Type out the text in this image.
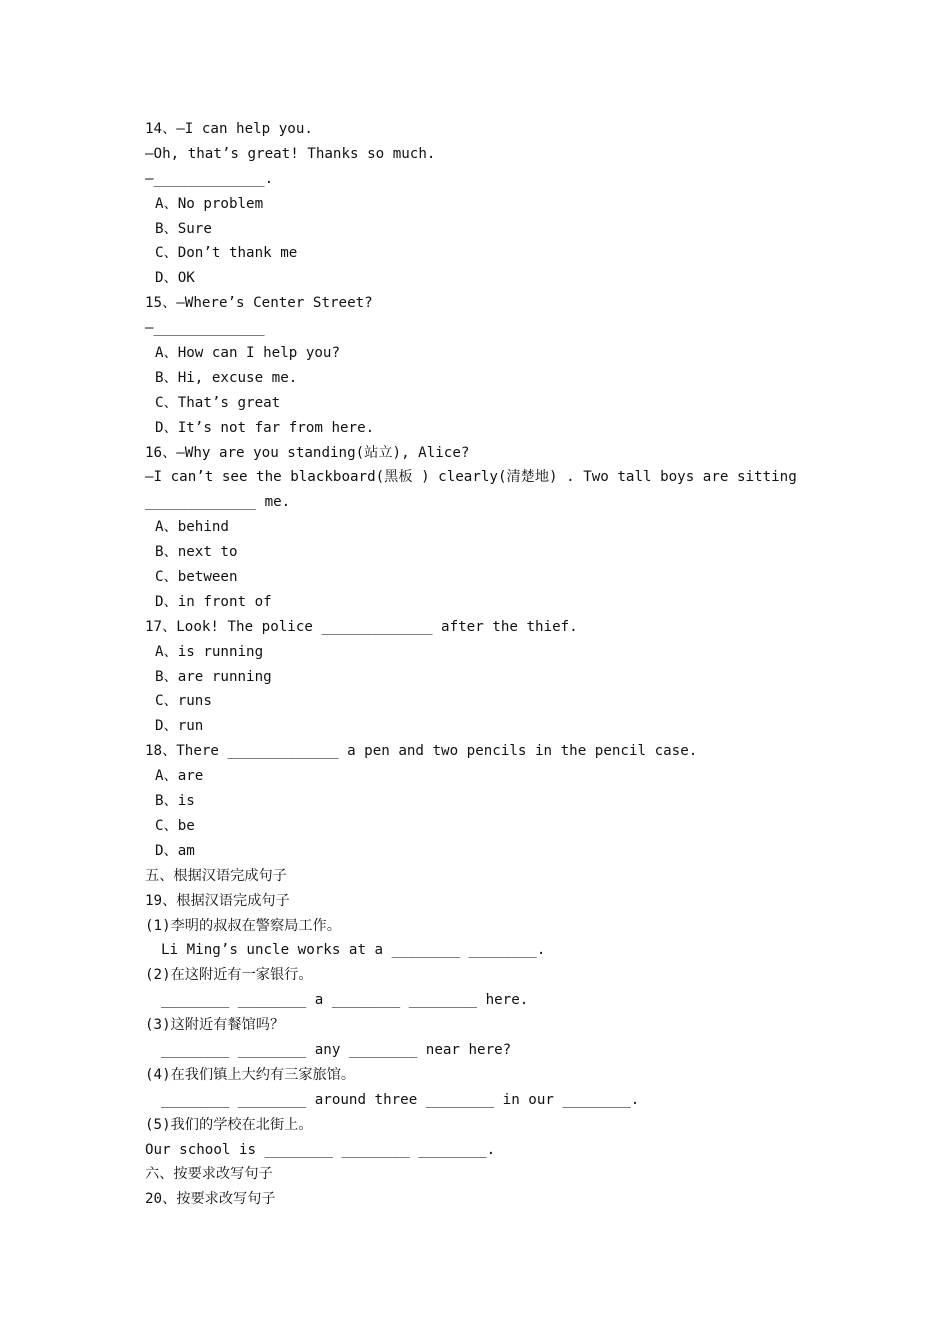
14、—I can help you.
—Oh, that’s great! Thanks so much.
—_____________.
A、No problem
B、Sure
C、Don’t thank me
D、OK
15、—Where’s Center Street?
—_____________
A、How can I help you?
B、Hi, excuse me.
C、That’s great
D、It’s not far from here.
16、—Why are you standing(站立), Alice?
—I can’t see the blackboard(黑板 ) clearly(清楚地) . Two tall boys are sitting
_____________ me.
A、behind
B、next to
C、between
D、in front of
17、Look! The police _____________ after the thief.
A、is running
B、are running
C、runs
D、run
18、There _____________ a pen and two pencils in the pencil case.
A、are
B、is
C、be
D、am
五、根据汉语完成句子
19、根据汉语完成句子
(1)李明的叔叔在警察局工作。
Li Ming’s uncle works at a ________ ________.
(2)在这附近有一家银行。
________ ________ a ________ ________ here.
(3)这附近有餐馆吗？
________ ________ any ________ near here?
(4)在我们镇上大约有三家旅馆。
________ ________ around three ________ in our ________.
(5)我们的学校在北街上。
Our school is ________ ________ ________.
六、按要求改写句子
20、按要求改写句子
